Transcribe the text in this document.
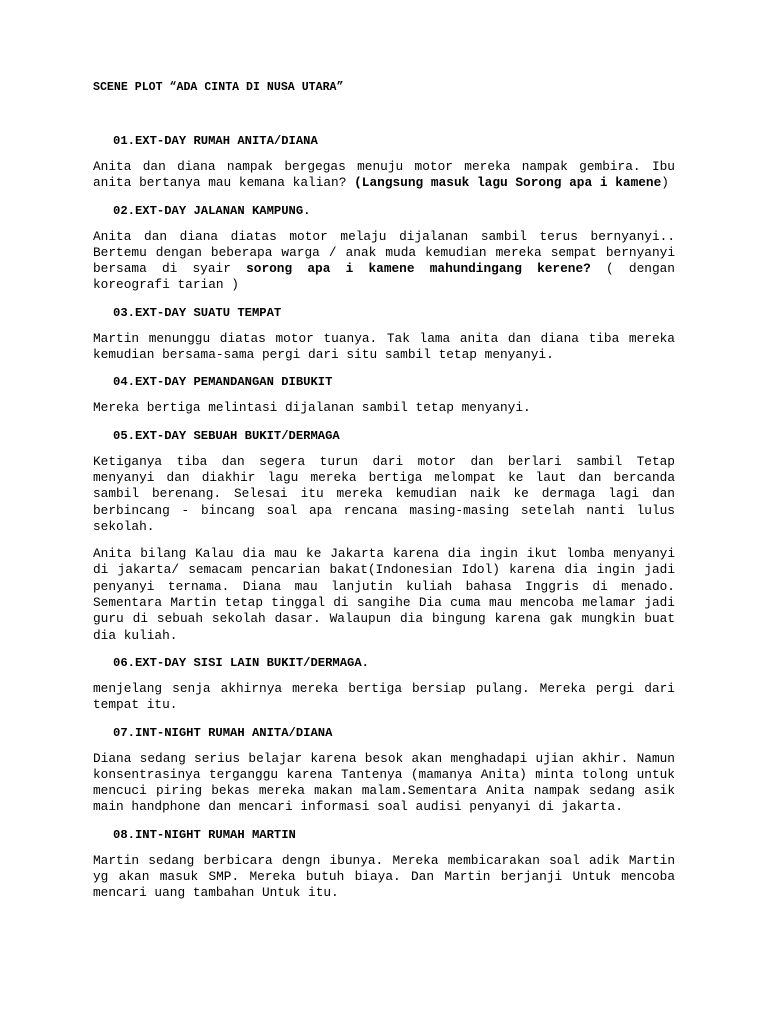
SCENE PLOT “ADA CINTA DI NUSA UTARA”
01.EXT-DAY RUMAH ANITA/DIANA
Anita dan diana nampak bergegas menuju motor mereka nampak gembira. Ibu anita bertanya mau kemana kalian? (Langsung masuk lagu Sorong apa i kamene)
02.EXT-DAY JALANAN KAMPUNG.
Anita dan diana diatas motor melaju dijalanan sambil terus bernyanyi.. Bertemu dengan beberapa warga / anak muda kemudian mereka sempat bernyanyi bersama di syair sorong apa i kamene mahundingang kerene? ( dengan koreografi tarian )
03.EXT-DAY SUATU TEMPAT
Martin menunggu diatas motor tuanya. Tak lama anita dan diana tiba mereka kemudian bersama-sama pergi dari situ sambil tetap menyanyi.
04.EXT-DAY PEMANDANGAN DIBUKIT
Mereka bertiga melintasi dijalanan sambil tetap menyanyi.
05.EXT-DAY SEBUAH BUKIT/DERMAGA
Ketiganya tiba dan segera turun dari motor dan berlari sambil Tetap menyanyi dan diakhir lagu mereka bertiga melompat ke laut dan bercanda sambil berenang. Selesai itu mereka kemudian naik ke dermaga lagi dan berbincang - bincang soal apa rencana masing-masing setelah nanti lulus sekolah.
Anita bilang Kalau dia mau ke Jakarta karena dia ingin ikut lomba menyanyi di jakarta/ semacam pencarian bakat(Indonesian Idol) karena dia ingin jadi penyanyi ternama. Diana mau lanjutin kuliah bahasa Inggris di menado. Sementara Martin tetap tinggal di sangihe Dia cuma mau mencoba melamar jadi guru di sebuah sekolah dasar. Walaupun dia bingung karena gak mungkin buat dia kuliah.
06.EXT-DAY SISI LAIN BUKIT/DERMAGA.
menjelang senja akhirnya mereka bertiga bersiap pulang. Mereka pergi dari tempat itu.
07.INT-NIGHT RUMAH ANITA/DIANA
Diana sedang serius belajar karena besok akan menghadapi ujian akhir. Namun konsentrasinya terganggu karena Tantenya (mamanya Anita) minta tolong untuk mencuci piring bekas mereka makan malam.Sementara Anita nampak sedang asik main handphone dan mencari informasi soal audisi penyanyi di jakarta.
08.INT-NIGHT RUMAH MARTIN
Martin sedang berbicara dengn ibunya. Mereka membicarakan soal adik Martin yg akan masuk SMP. Mereka butuh biaya. Dan Martin berjanji Untuk mencoba mencari uang tambahan Untuk itu.
